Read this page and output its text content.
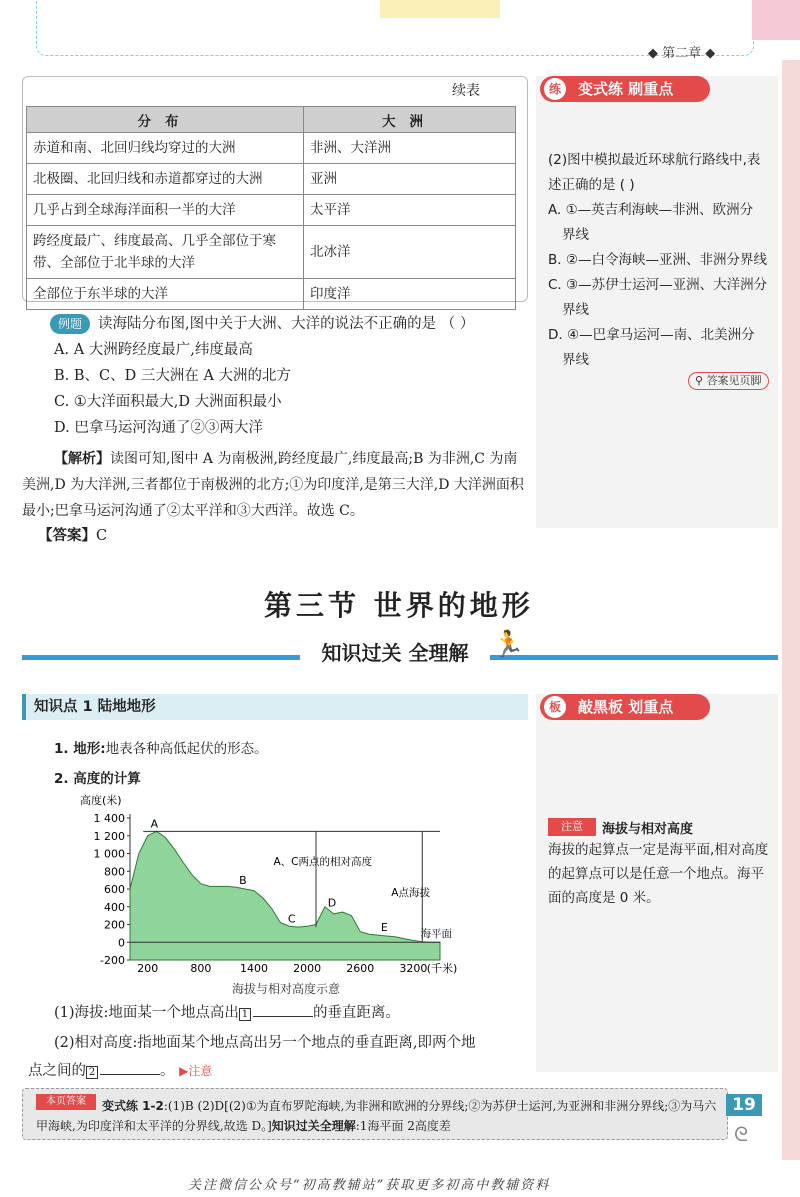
◆ 第二章 ◆
续表
分布	大洲
赤道和南、北回归线均穿过的大洲	非洲、大洋洲
北极圈、北回归线和赤道都穿过的大洲	亚洲
几乎占到全球海洋面积一半的大洋	太平洋
跨经度最广、纬度最高、几乎全部位于寒带、全部位于北半球的大洋	北冰洋
全部位于东半球的大洋	印度洋
例题	读海陆分布图,图中关于大洲、大洋的说法不正确的是 （ ）
A. A 大洲跨经度最广,纬度最高
B. B、C、D 三大洲在 A 大洲的北方
C. ①大洋面积最大,D 大洲面积最小
D. 巴拿马运河沟通了②③两大洋
【解析】读图可知,图中 A 为南极洲,跨经度最广,纬度最高;B 为非洲,C 为南美洲,D 为大洋洲,三者都位于南极洲的北方;①为印度洋,是第三大洋,D 大洋洲面积最小;巴拿马运河沟通了②太平洋和③大西洋。故选 C。
【答案】C
练	变式练 刷重点
(2)图中模拟最近环球航行路线中,表
述正确的是 ( )
A. ①—英吉利海峡—非洲、欧洲分
界线
B. ②—白令海峡—亚洲、非洲分界线
C. ③—苏伊士运河—亚洲、大洋洲分
界线
D. ④—巴拿马运河—南、北美洲分
界线
⚲ 答案见页脚
第三节 世界的地形
知识过关 全理解 🏃
知识点 1 陆地地形
1. 地形:地表各种高低起伏的形态。
2. 高度的计算
高度(米)
1 400
1 200
1 000
800
600
400
200
0
-200
200	800	1400 2000 2600 3200 (千米)
A
B
C
D
E
A、C两点的相对高度
A点海拔
海平面
海拔与相对高度示意
(1)海拔:地面某一个地点高出 1	的垂直距离。
(2)相对高度:指地面某个地点高出另一个地点的垂直距离,即两个地
点之间的 2	。 ▶注意
板	敲黑板 划重点
注意	海拔与相对高度
海拔的起算点一定是海平面,相对高度的起算点可以是任意一个地点。海平面的高度是 0 米。
本页答案	变式练 1-2:(1)B (2)D[(2)①为直布罗陀海峡,为非洲和欧洲的分界线;②为苏伊士运河,为亚洲和非洲分界线;③为马六甲海峡,为印度洋和太平洋的分界线,故选 D。]知识过关全理解:1海平面 2高度差
19
ᘓ
关注微信公众号“初高教辅站”获取更多初高中教辅资料
